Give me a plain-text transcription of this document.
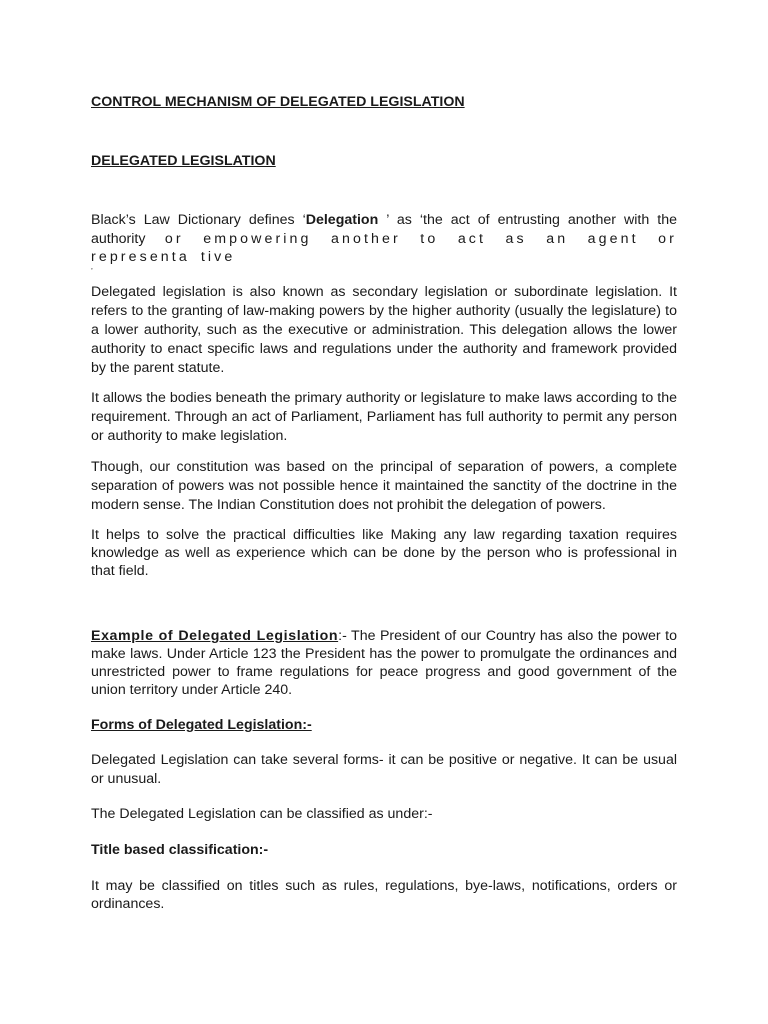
CONTROL MECHANISM OF DELEGATED LEGISLATION
DELEGATED LEGISLATION
Black’s Law Dictionary defines ‘Delegation ’ as ‘the act of entrusting another with the authority or empowering another to act as an agent or representa tive
’

Delegated legislation is also known as secondary legislation or subordinate legislation. It refers to the granting of law-making powers by the higher authority (usually the legislature) to a lower authority, such as the executive or administration. This delegation allows the lower authority to enact specific laws and regulations under the authority and framework provided by the parent statute.

It allows the bodies beneath the primary authority or legislature to make laws according to the requirement. Through an act of Parliament, Parliament has full authority to permit any person or authority to make legislation.

Though, our constitution was based on the principal of separation of powers, a complete separation of powers was not possible hence it maintained the sanctity of the doctrine in the modern sense. The Indian Constitution does not prohibit the delegation of powers.

It helps to solve the practical difficulties like Making any law regarding taxation requires knowledge as well as experience which can be done by the person who is professional in that field.

Example of Delegated Legislation:- The President of our Country has also the power to make laws. Under Article 123 the President has the power to promulgate the ordinances and unrestricted power to frame regulations for peace progress and good government of the union territory under Article 240.

Forms of Delegated Legislation:-

Delegated Legislation can take several forms- it can be positive or negative. It can be usual or unusual.

The Delegated Legislation can be classified as under:-

Title based classification:-

It may be classified on titles such as rules, regulations, bye-laws, notifications, orders or ordinances.
